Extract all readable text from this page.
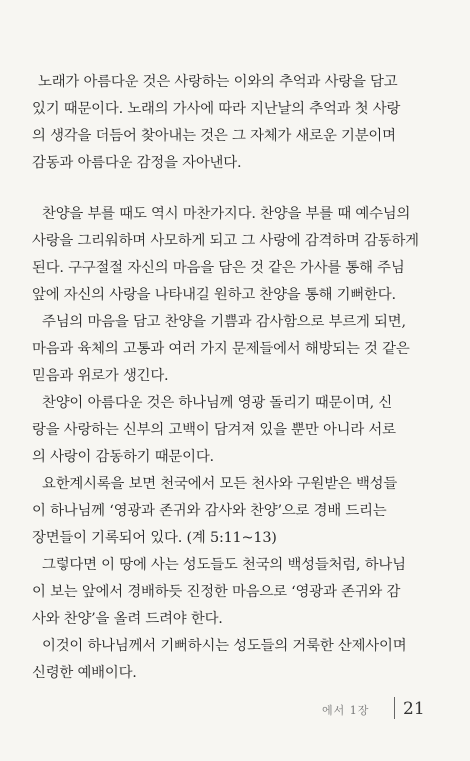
노래가 아름다운 것은 사랑하는 이와의 추억과 사랑을 담고
있기 때문이다. 노래의 가사에 따라 지난날의 추억과 첫 사랑
의 생각을 더듬어 찾아내는 것은 그 자체가 새로운 기분이며
감동과 아름다운 감정을 자아낸다.
찬양을 부를 때도 역시 마찬가지다. 찬양을 부를 때 예수님의
사랑을 그리워하며 사모하게 되고 그 사랑에 감격하며 감동하게
된다. 구구절절 자신의 마음을 담은 것 같은 가사를 통해 주님
앞에 자신의 사랑을 나타내길 원하고 찬양을 통해 기뻐한다.
주님의 마음을 담고 찬양을 기쁨과 감사함으로 부르게 되면,
마음과 육체의 고통과 여러 가지 문제들에서 해방되는 것 같은
믿음과 위로가 생긴다.
찬양이 아름다운 것은 하나님께 영광 돌리기 때문이며, 신
랑을 사랑하는 신부의 고백이 담겨져 있을 뿐만 아니라 서로
의 사랑이 감동하기 때문이다.
요한계시록을 보면 천국에서 모든 천사와 구원받은 백성들
이 하나님께 ‘영광과 존귀와 감사와 찬양’으로 경배 드리는
장면들이 기록되어 있다. (계 5:11~13)
그렇다면 이 땅에 사는 성도들도 천국의 백성들처럼, 하나님
이 보는 앞에서 경배하듯 진정한 마음으로 ‘영광과 존귀와 감
사와 찬양’을 올려 드려야 한다.
이것이 하나님께서 기뻐하시는 성도들의 거룩한 산제사이며
신령한 예배이다.
에서 1장 21
